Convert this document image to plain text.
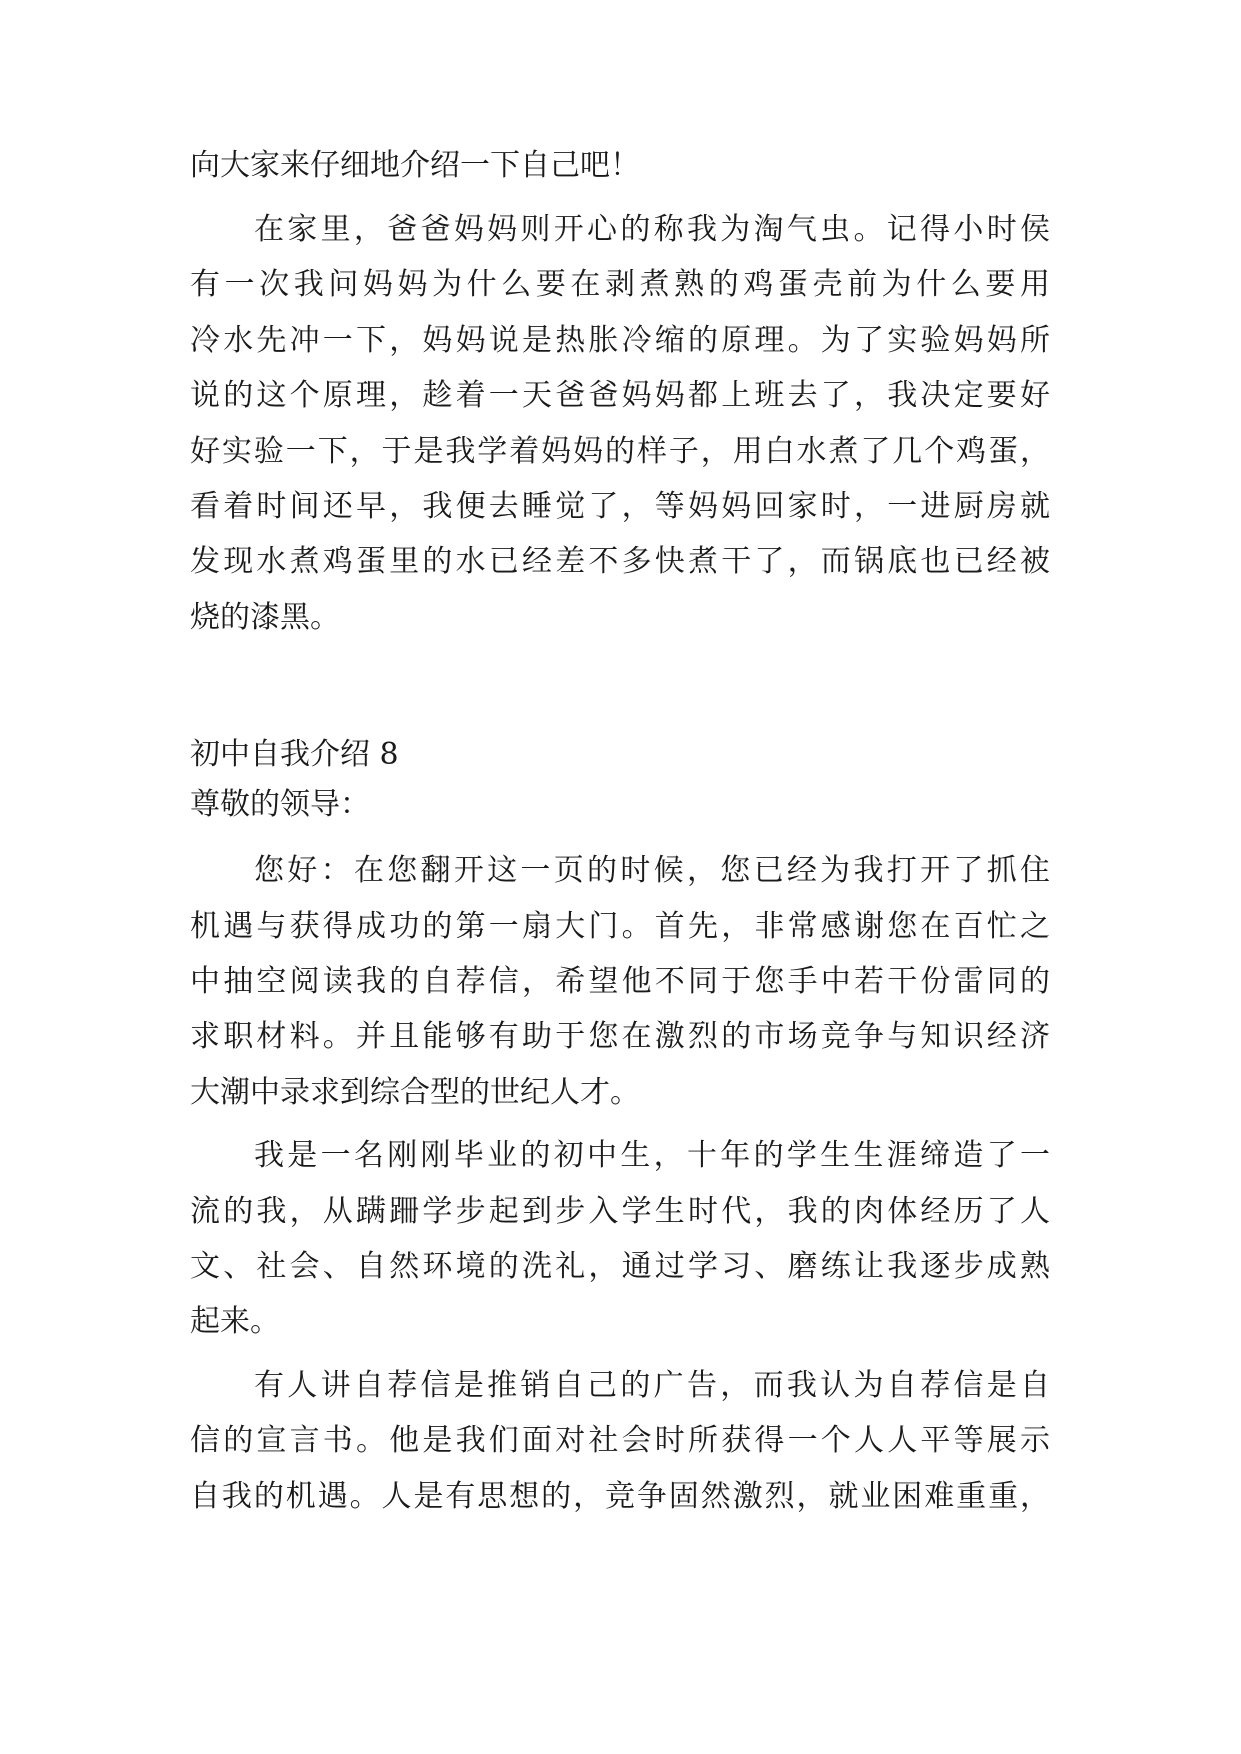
向大家来仔细地介绍一下自己吧！
在家里，爸爸妈妈则开心的称我为淘气虫。记得小时侯
有一次我问妈妈为什么要在剥煮熟的鸡蛋壳前为什么要用
冷水先冲一下，妈妈说是热胀冷缩的原理。为了实验妈妈所
说的这个原理，趁着一天爸爸妈妈都上班去了，我决定要好
好实验一下，于是我学着妈妈的样子，用白水煮了几个鸡蛋，
看着时间还早，我便去睡觉了，等妈妈回家时，一进厨房就
发现水煮鸡蛋里的水已经差不多快煮干了，而锅底也已经被
烧的漆黑。
初中自我介绍 8
尊敬的领导：
您好：在您翻开这一页的时候，您已经为我打开了抓住
机遇与获得成功的第一扇大门。首先，非常感谢您在百忙之
中抽空阅读我的自荐信，希望他不同于您手中若干份雷同的
求职材料。并且能够有助于您在激烈的市场竞争与知识经济
大潮中录求到综合型的世纪人才。
我是一名刚刚毕业的初中生，十年的学生生涯缔造了一
流的我，从蹒跚学步起到步入学生时代，我的肉体经历了人
文、社会、自然环境的洗礼，通过学习、磨练让我逐步成熟
起来。
有人讲自荐信是推销自己的广告，而我认为自荐信是自
信的宣言书。他是我们面对社会时所获得一个人人平等展示
自我的机遇。人是有思想的，竞争固然激烈，就业困难重重，
